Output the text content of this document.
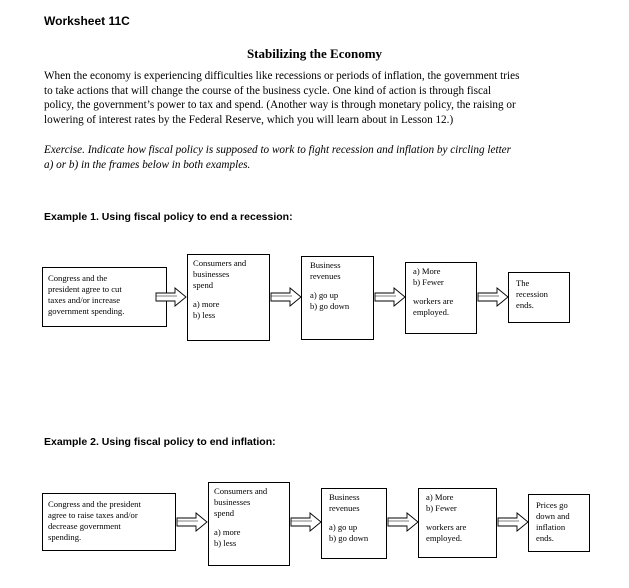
Worksheet 11C
Stabilizing the Economy
When the economy is experiencing difficulties like recessions or periods of inflation, the government tries
to take actions that will change the course of the business cycle. One kind of action is through fiscal
policy, the government’s power to tax and spend. (Another way is through monetary policy, the raising or
lowering of interest rates by the Federal Reserve, which you will learn about in Lesson 12.)
Exercise. Indicate how fiscal policy is supposed to work to fight recession and inflation by circling letter
a) or b) in the frames below in both examples.
Example 1. Using fiscal policy to end a recession:
Congress and the
president agree to cut
taxes and/or increase
government spending.
Consumers and
businesses
spend
a) more
b) less
Business
revenues
a) go up
b) go down
a) More
b) Fewer
workers are
employed.
The
recession
ends.
Example 2. Using fiscal policy to end inflation:
Congress and the president
agree to raise taxes and/or
decrease government
spending.
Consumers and
businesses
spend
a) more
b) less
Business
revenues
a) go up
b) go down
a) More
b) Fewer
workers are
employed.
Prices go
down and
inflation
ends.
